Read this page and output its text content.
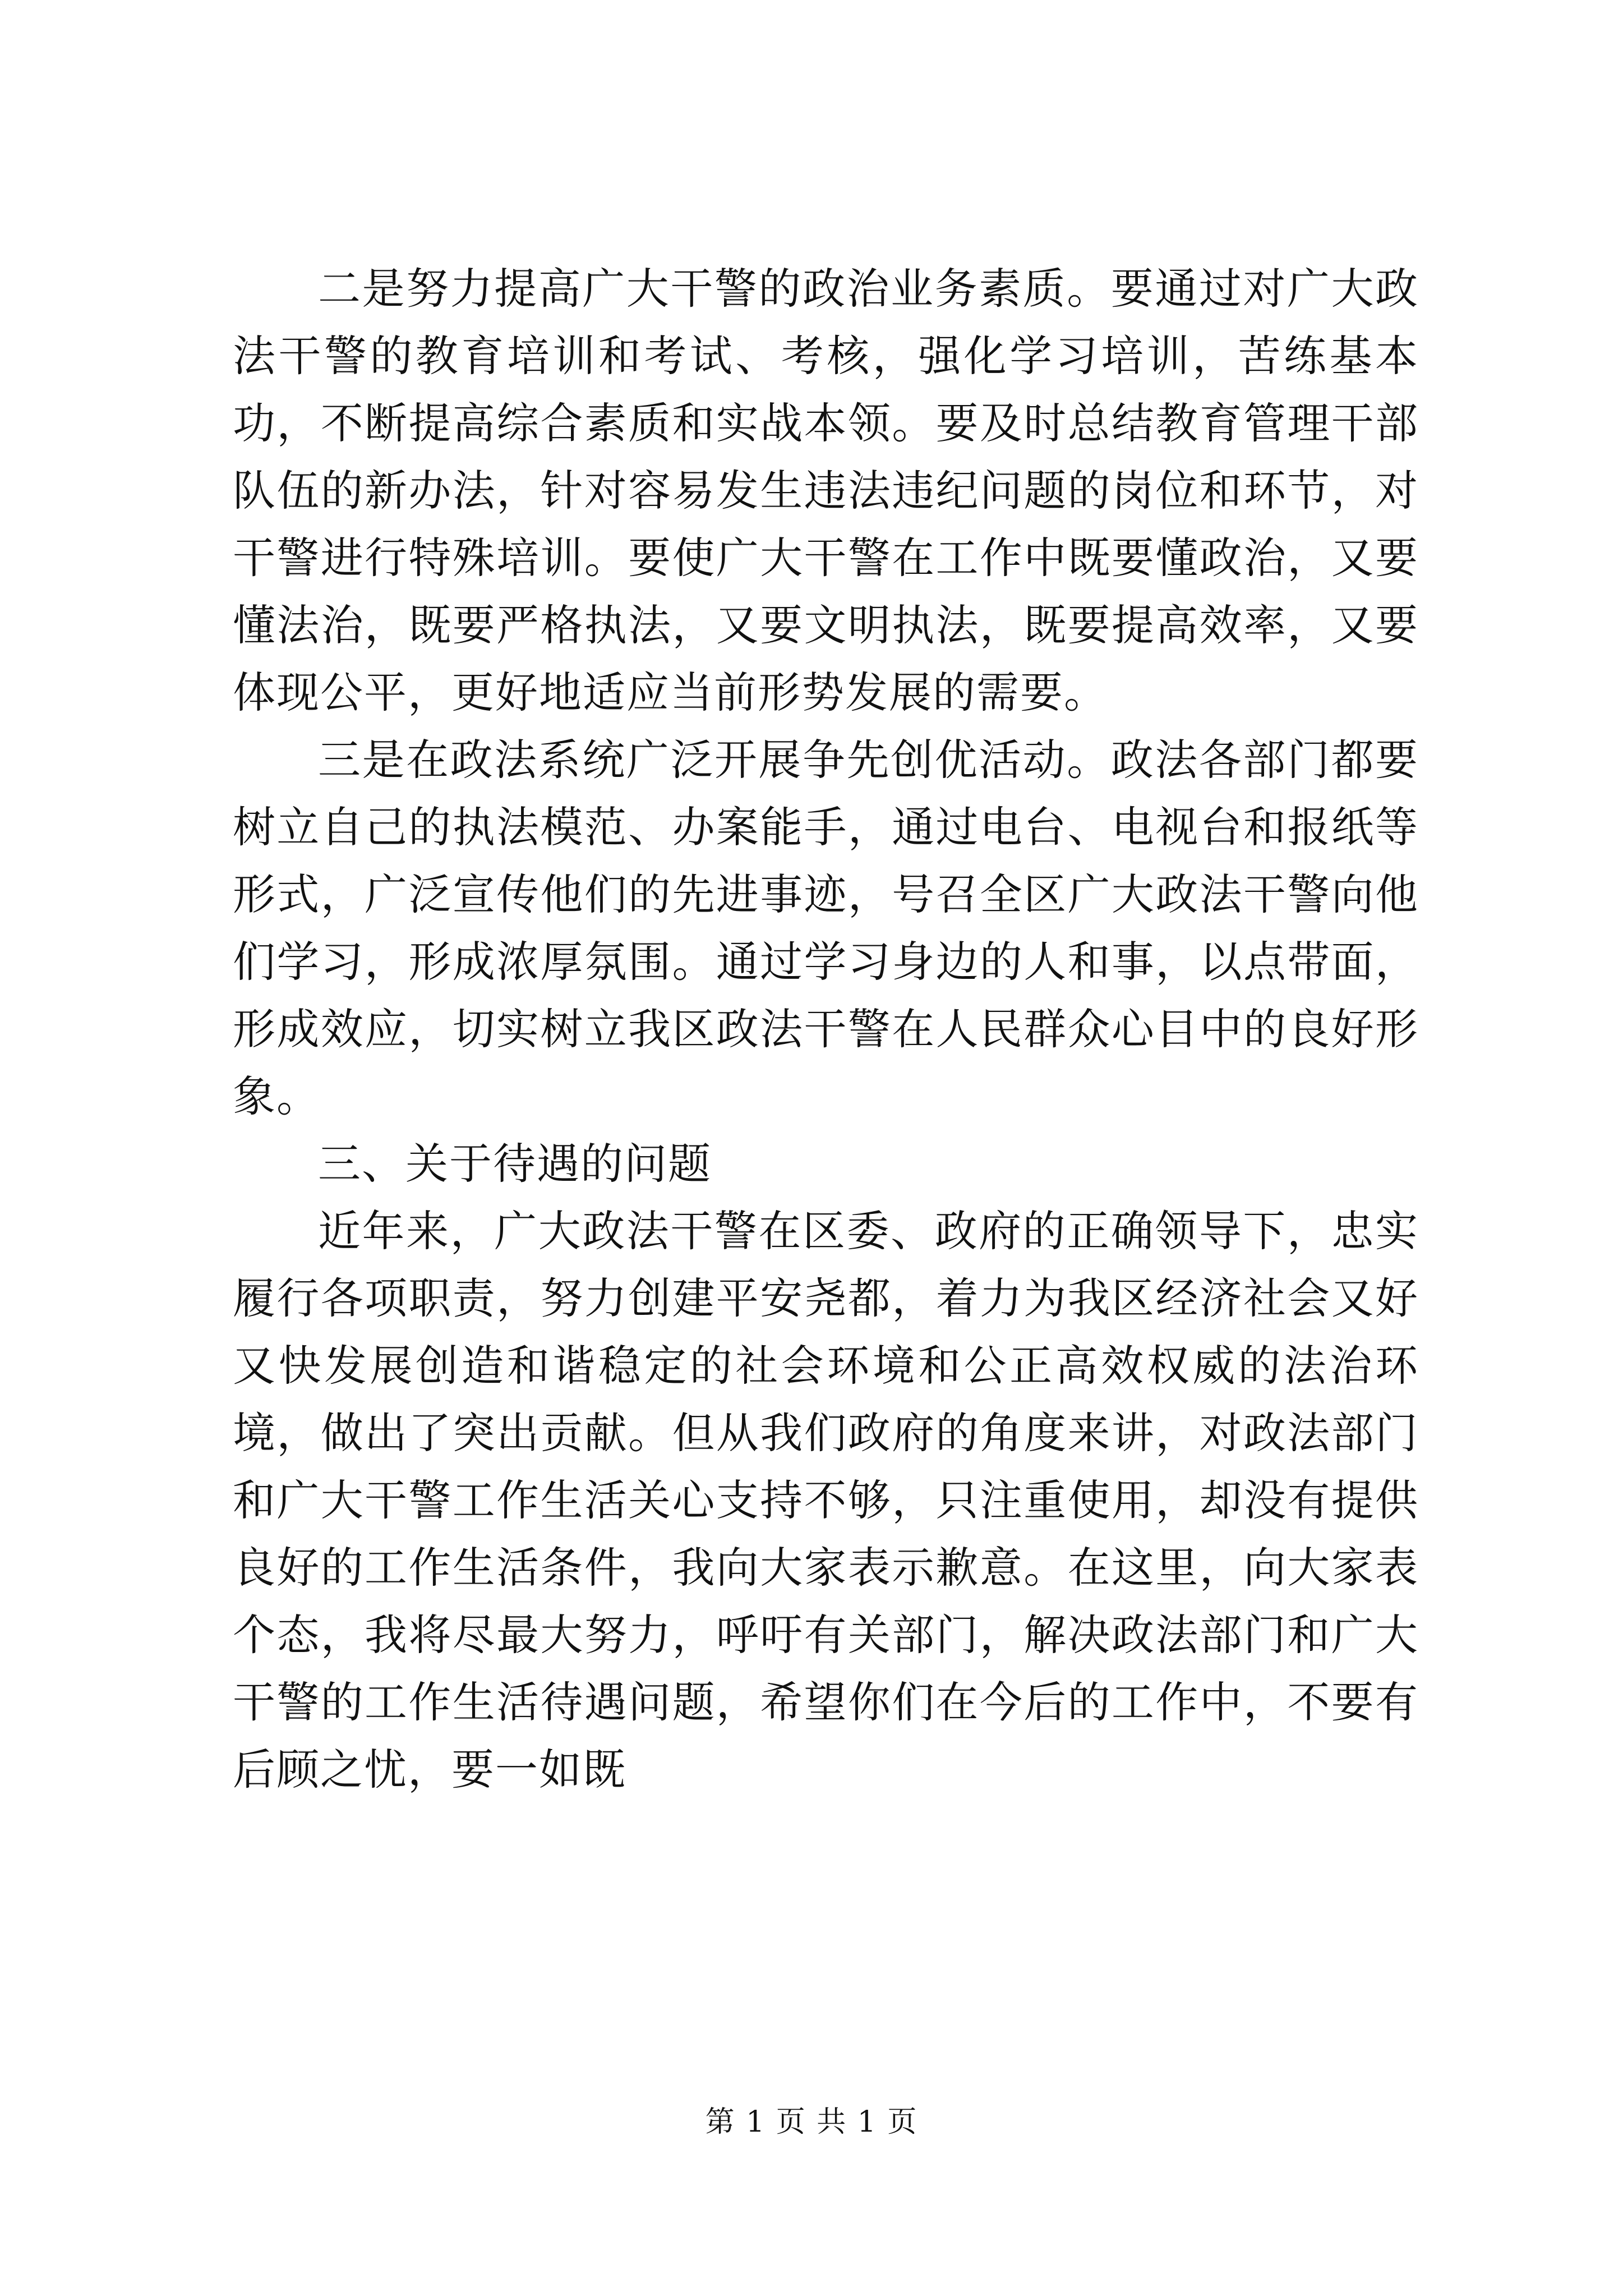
二是努力提高广大干警的政治业务素质。要通过对广大政法干警的教育培训和考试、考核，强化学习培训，苦练基本功，不断提高综合素质和实战本领。要及时总结教育管理干部队伍的新办法，针对容易发生违法违纪问题的岗位和环节，对干警进行特殊培训。要使广大干警在工作中既要懂政治，又要懂法治，既要严格执法，又要文明执法，既要提高效率，又要体现公平，更好地适应当前形势发展的需要。

三是在政法系统广泛开展争先创优活动。政法各部门都要树立自己的执法模范、办案能手，通过电台、电视台和报纸等形式，广泛宣传他们的先进事迹，号召全区广大政法干警向他们学习，形成浓厚氛围。通过学习身边的人和事，以点带面，形成效应，切实树立我区政法干警在人民群众心目中的良好形象。

三、关于待遇的问题

近年来，广大政法干警在区委、政府的正确领导下，忠实履行各项职责，努力创建平安尧都，着力为我区经济社会又好又快发展创造和谐稳定的社会环境和公正高效权威的法治环境，做出了突出贡献。但从我们政府的角度来讲，对政法部门和广大干警工作生活关心支持不够，只注重使用，却没有提供良好的工作生活条件，我向大家表示歉意。在这里，向大家表个态，我将尽最大努力，呼吁有关部门，解决政法部门和广大干警的工作生活待遇问题，希望你们在今后的工作中，不要有后顾之忧，要一如既

第 1 页 共 1 页
